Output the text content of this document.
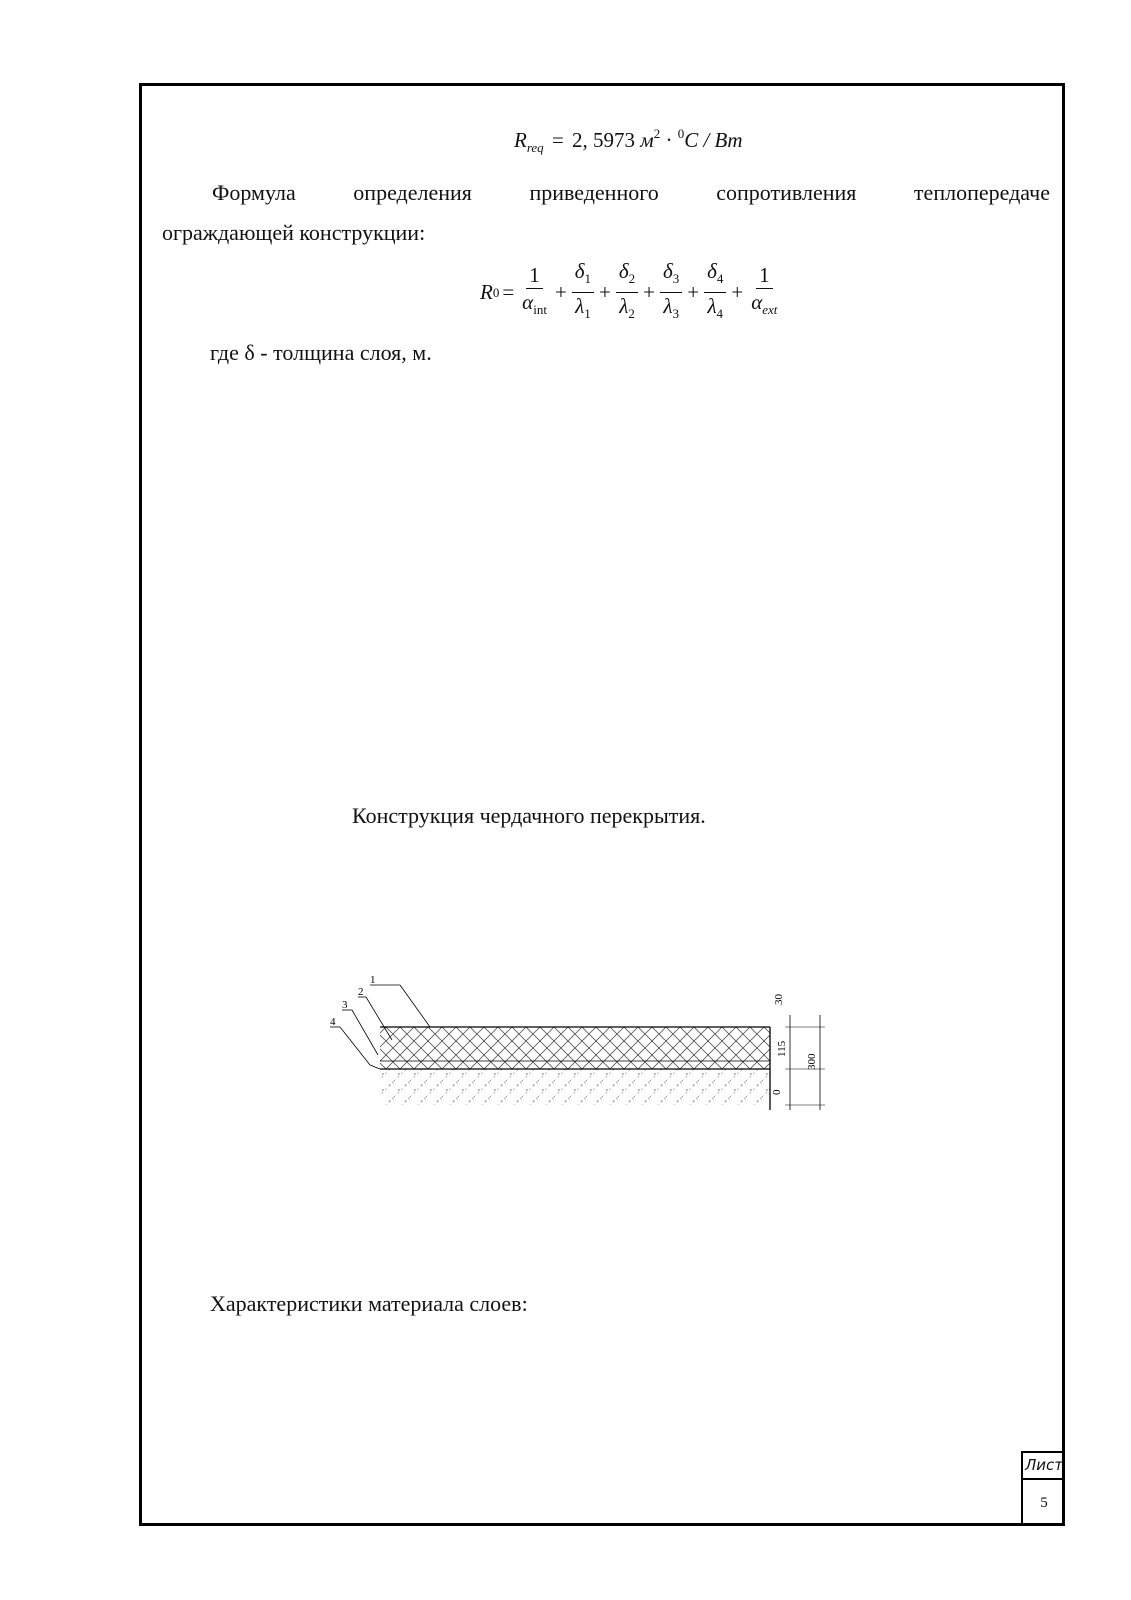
$R_{req} = 2$, 5973 $м^2 \cdot ^0C$ / Bт
Формула определения приведенного сопротивления теплопередаче
ограждающей конструкции:
R $0 = \frac{1}{\alpha_{int}} + \frac{\delta_1}{\lambda_1} + \frac{\delta_2}{\lambda_2} + \frac{\delta_3}{\lambda_3} + \frac{\delta_4}{\lambda_4} + \frac{1}{\alpha_{ext}}$
где δ - толщина слоя, м.
Конструкция чердачного перекрытия.
1
2
3
4
30
115
300
0
Характеристики материала слоев:
Лист
5
